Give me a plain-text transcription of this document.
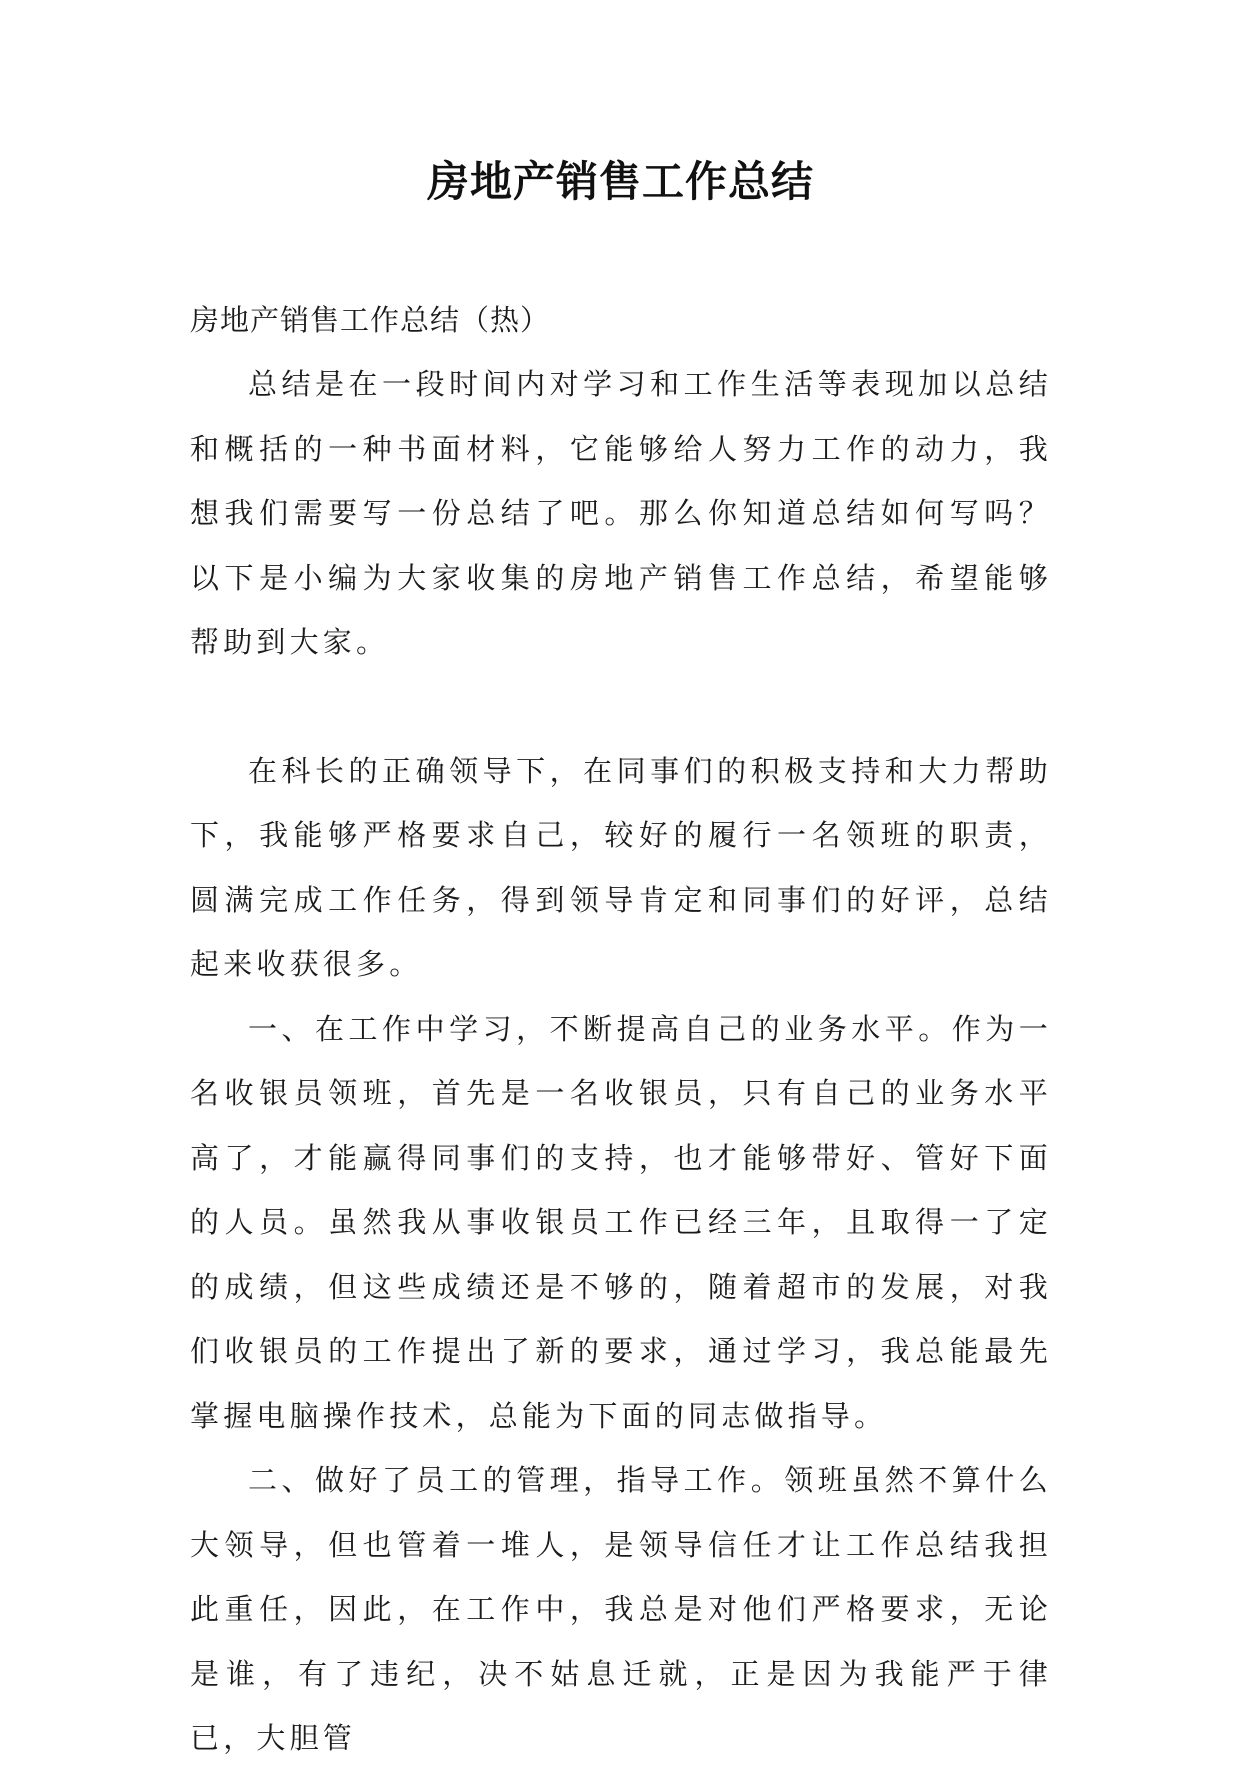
房地产销售工作总结

房地产销售工作总结（热）

总结是在一段时间内对学习和工作生活等表现加以总结和概括的一种书面材料，它能够给人努力工作的动力，我想我们需要写一份总结了吧。那么你知道总结如何写吗？以下是小编为大家收集的房地产销售工作总结，希望能够帮助到大家。

在科长的正确领导下，在同事们的积极支持和大力帮助下，我能够严格要求自己，较好的履行一名领班的职责，圆满完成工作任务，得到领导肯定和同事们的好评，总结起来收获很多。

一、在工作中学习，不断提高自己的业务水平。作为一名收银员领班，首先是一名收银员，只有自己的业务水平高了，才能赢得同事们的支持，也才能够带好、管好下面的人员。虽然我从事收银员工作已经三年，且取得一了定的成绩，但这些成绩还是不够的，随着超市的发展，对我们收银员的工作提出了新的要求，通过学习，我总能最先掌握电脑操作技术，总能为下面的同志做指导。

二、做好了员工的管理，指导工作。领班虽然不算什么大领导，但也管着一堆人，是领导信任才让工作总结我担此重任，因此，在工作中，我总是对他们严格要求，无论是谁，有了违纪，决不姑息迁就，正是因为我能严于律已，大胆管
